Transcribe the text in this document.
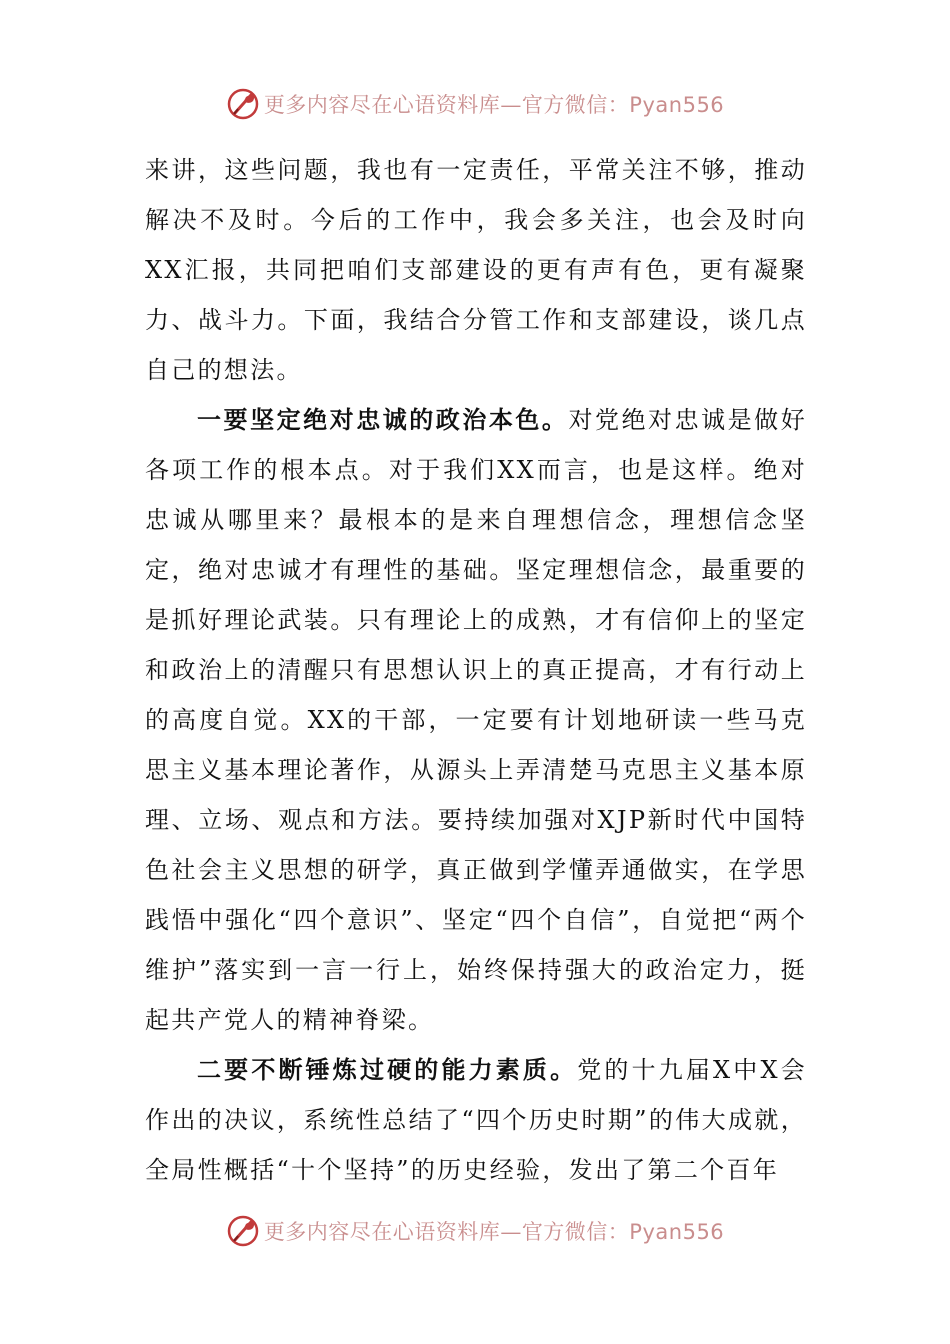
更多内容尽在心语资料库—官方微信：Pyan556

来讲，这些问题，我也有一定责任，平常关注不够，推动解决不及时。今后的工作中，我会多关注，也会及时向XX汇报，共同把咱们支部建设的更有声有色，更有凝聚力、战斗力。下面，我结合分管工作和支部建设，谈几点自己的想法。

一要坚定绝对忠诚的政治本色。对党绝对忠诚是做好各项工作的根本点。对于我们XX而言，也是这样。绝对忠诚从哪里来？最根本的是来自理想信念，理想信念坚定，绝对忠诚才有理性的基础。坚定理想信念，最重要的是抓好理论武装。只有理论上的成熟，才有信仰上的坚定和政治上的清醒只有思想认识上的真正提高，才有行动上的高度自觉。XX的干部，一定要有计划地研读一些马克思主义基本理论著作，从源头上弄清楚马克思主义基本原理、立场、观点和方法。要持续加强对XJP新时代中国特色社会主义思想的研学，真正做到学懂弄通做实，在学思践悟中强化“四个意识”、坚定“四个自信”，自觉把“两个维护”落实到一言一行上，始终保持强大的政治定力，挺起共产党人的精神脊梁。

二要不断锤炼过硬的能力素质。党的十九届X中X会作出的决议，系统性总结了“四个历史时期”的伟大成就，全局性概括“十个坚持”的历史经验，发出了第二个百年

更多内容尽在心语资料库—官方微信：Pyan556
